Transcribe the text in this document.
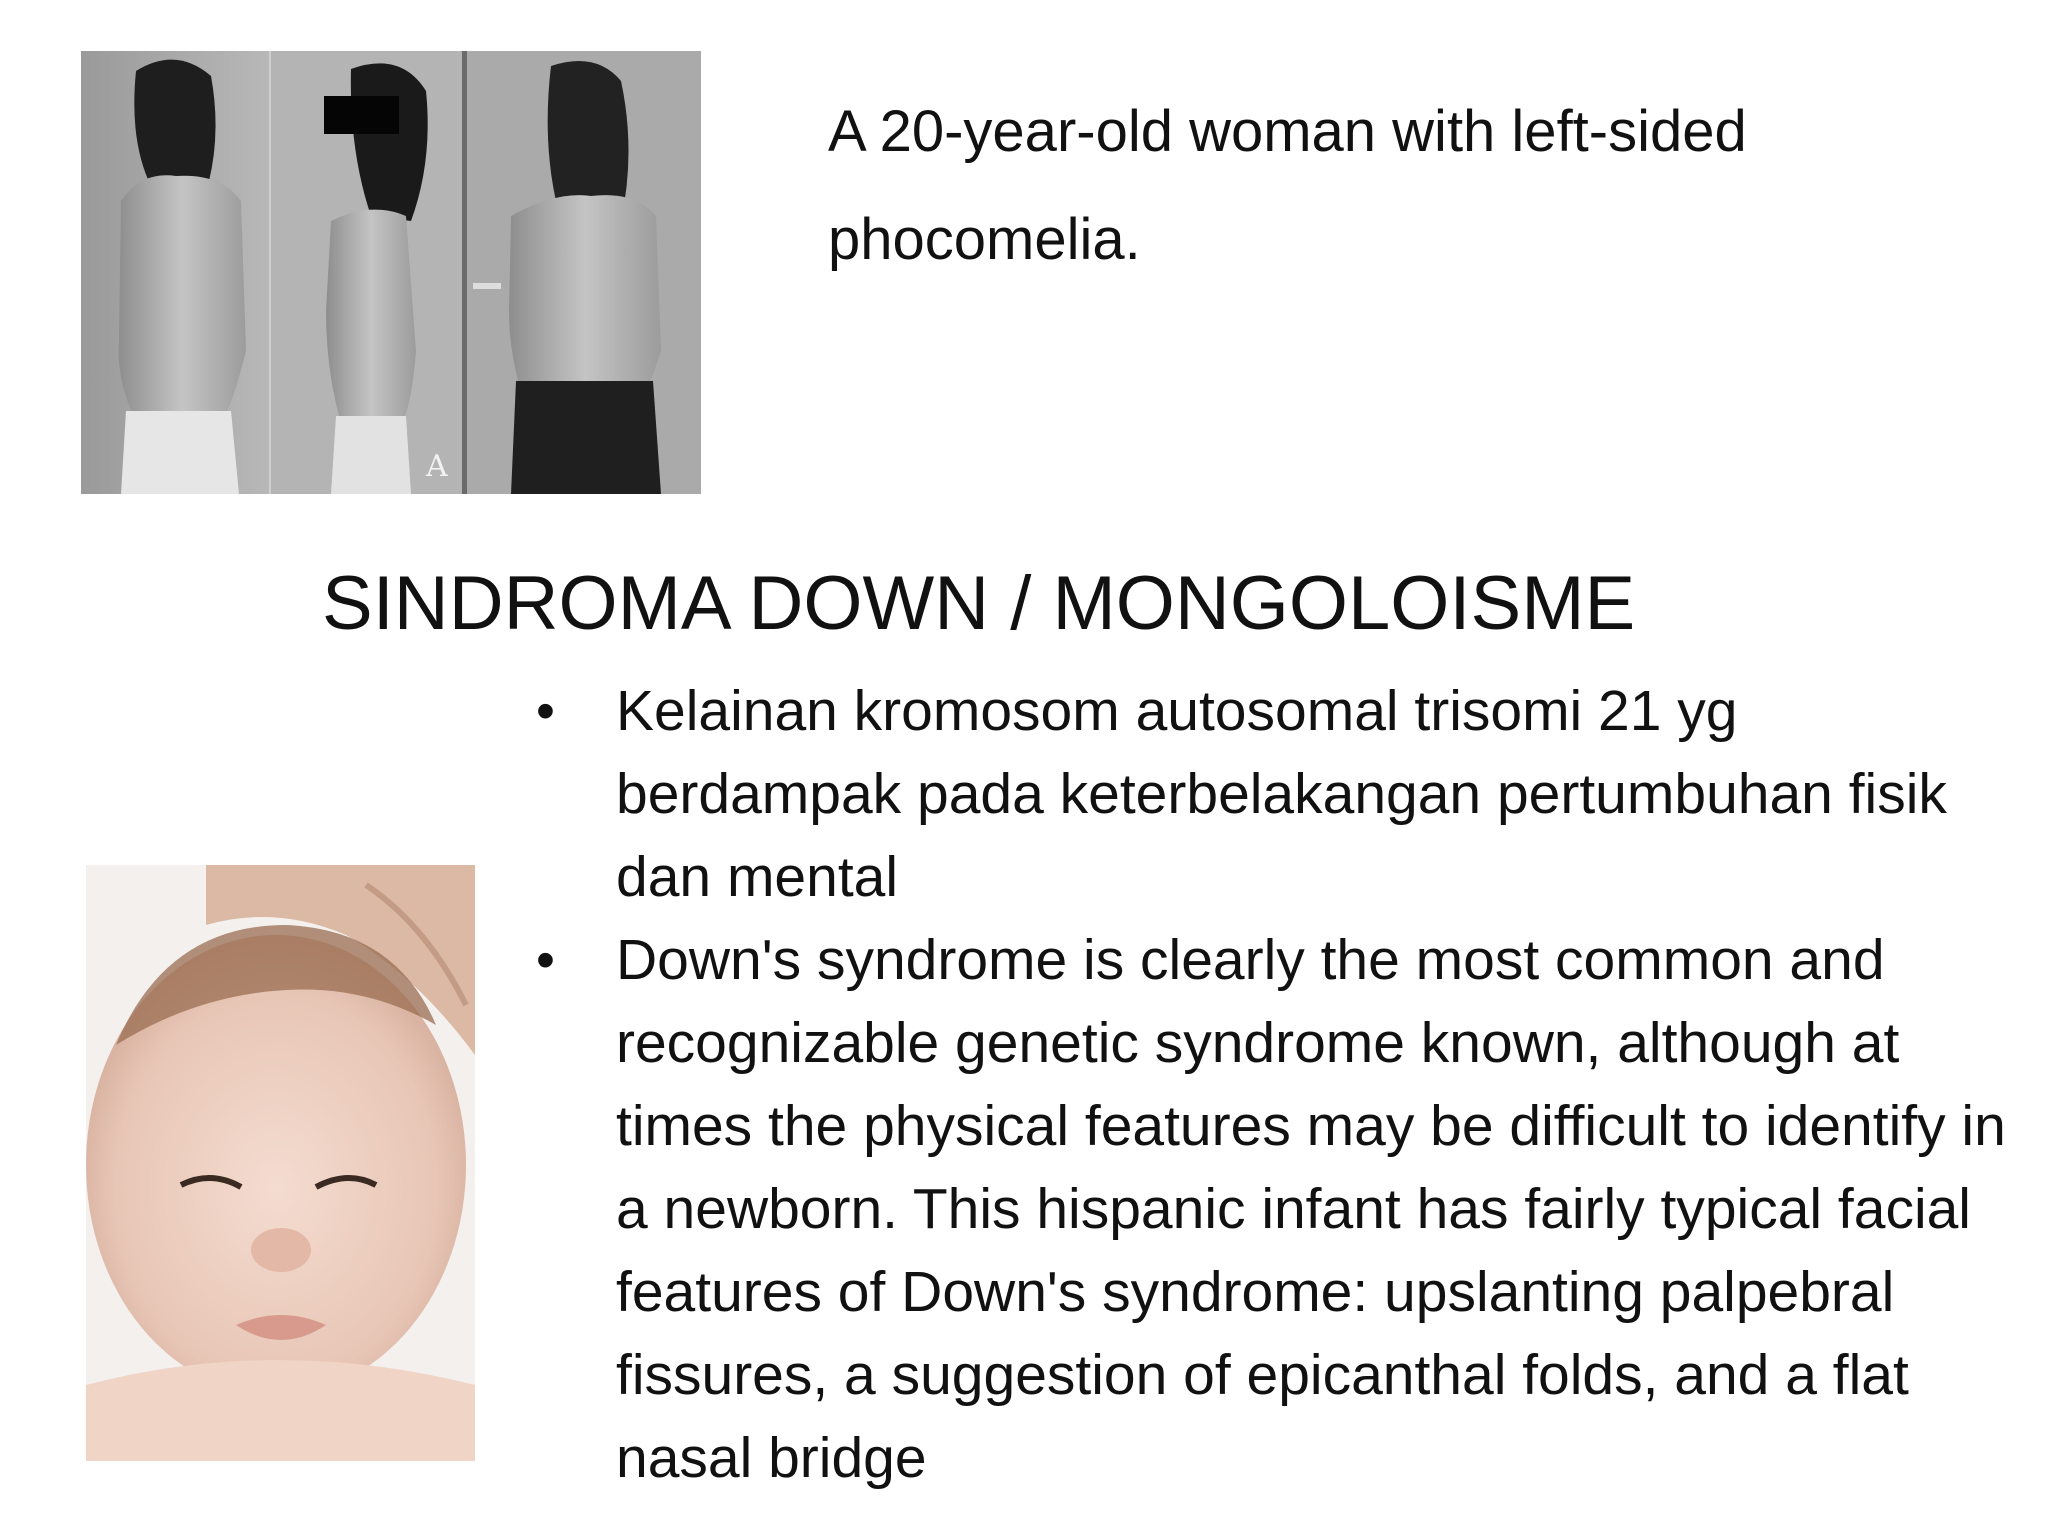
A

A 20-year-old woman with left-sided phocomelia.

SINDROMA DOWN / MONGOLOISME
• Kelainan kromosom autosomal trisomi 21 yg berdampak pada keterbelakangan pertumbuhan fisik dan mental
• Down's syndrome is clearly the most common and recognizable genetic syndrome known, although at times the physical features may be difficult to identify in a newborn. This hispanic infant has fairly typical facial features of Down's syndrome: upslanting palpebral fissures, a suggestion of epicanthal folds, and a flat nasal bridge
